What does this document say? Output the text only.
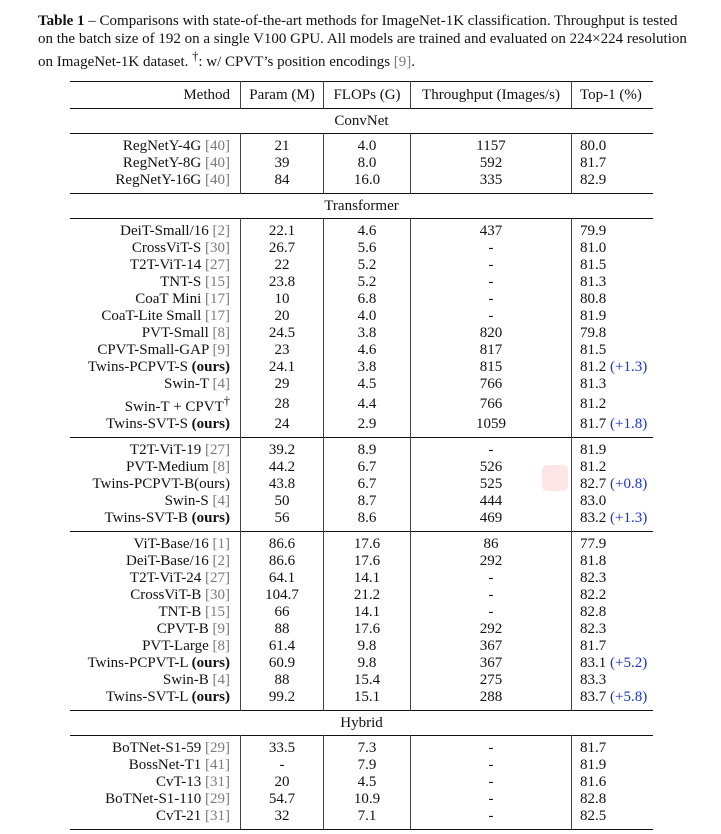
Table 1 – Comparisons with state-of-the-art methods for ImageNet-1K classification. Throughput is tested on the batch size of 192 on a single V100 GPU. All models are trained and evaluated on 224×224 resolution on ImageNet-1K dataset. †: w/ CPVT’s position encodings [9].
Method	Param (M)	FLOPs (G)	Throughput (Images/s)	Top-1 (%)
ConvNet				
RegNetY-4G [40]	21	4.0	1157	80.0
RegNetY-8G [40]	39	8.0	592	81.7
RegNetY-16G [40]	84	16.0	335	82.9
Transformer				
DeiT-Small/16 [2]	22.1	4.6	437	79.9
CrossViT-S [30]	26.7	5.6	-	81.0
T2T-ViT-14 [27]	22	5.2	-	81.5
TNT-S [15]	23.8	5.2	-	81.3
CoaT Mini [17]	10	6.8	-	80.8
CoaT-Lite Small [17]	20	4.0	-	81.9
PVT-Small [8]	24.5	3.8	820	79.8
CPVT-Small-GAP [9]	23	4.6	817	81.5
Twins-PCPVT-S (ours)	24.1	3.8	815	81.2 (+1.3)
Swin-T [4]	29	4.5	766	81.3
Swin-T + CPVT†	28	4.4	766	81.2
Twins-SVT-S (ours)	24	2.9	1059	81.7 (+1.8)
T2T-ViT-19 [27]	39.2	8.9	-	81.9
PVT-Medium [8]	44.2	6.7	526	81.2
Twins-PCPVT-B(ours)	43.8	6.7	525	82.7 (+0.8)
Swin-S [4]	50	8.7	444	83.0
Twins-SVT-B (ours)	56	8.6	469	83.2 (+1.3)
ViT-Base/16 [1]	86.6	17.6	86	77.9
DeiT-Base/16 [2]	86.6	17.6	292	81.8
T2T-ViT-24 [27]	64.1	14.1	-	82.3
CrossViT-B [30]	104.7	21.2	-	82.2
TNT-B [15]	66	14.1	-	82.8
CPVT-B [9]	88	17.6	292	82.3
PVT-Large [8]	61.4	9.8	367	81.7
Twins-PCPVT-L (ours)	60.9	9.8	367	83.1 (+5.2)
Swin-B [4]	88	15.4	275	83.3
Twins-SVT-L (ours)	99.2	15.1	288	83.7 (+5.8)
Hybrid				
BoTNet-S1-59 [29]	33.5	7.3	-	81.7
BossNet-T1 [41]	-	7.9	-	81.9
CvT-13 [31]	20	4.5	-	81.6
BoTNet-S1-110 [29]	54.7	10.9	-	82.8
CvT-21 [31]	32	7.1	-	82.5
